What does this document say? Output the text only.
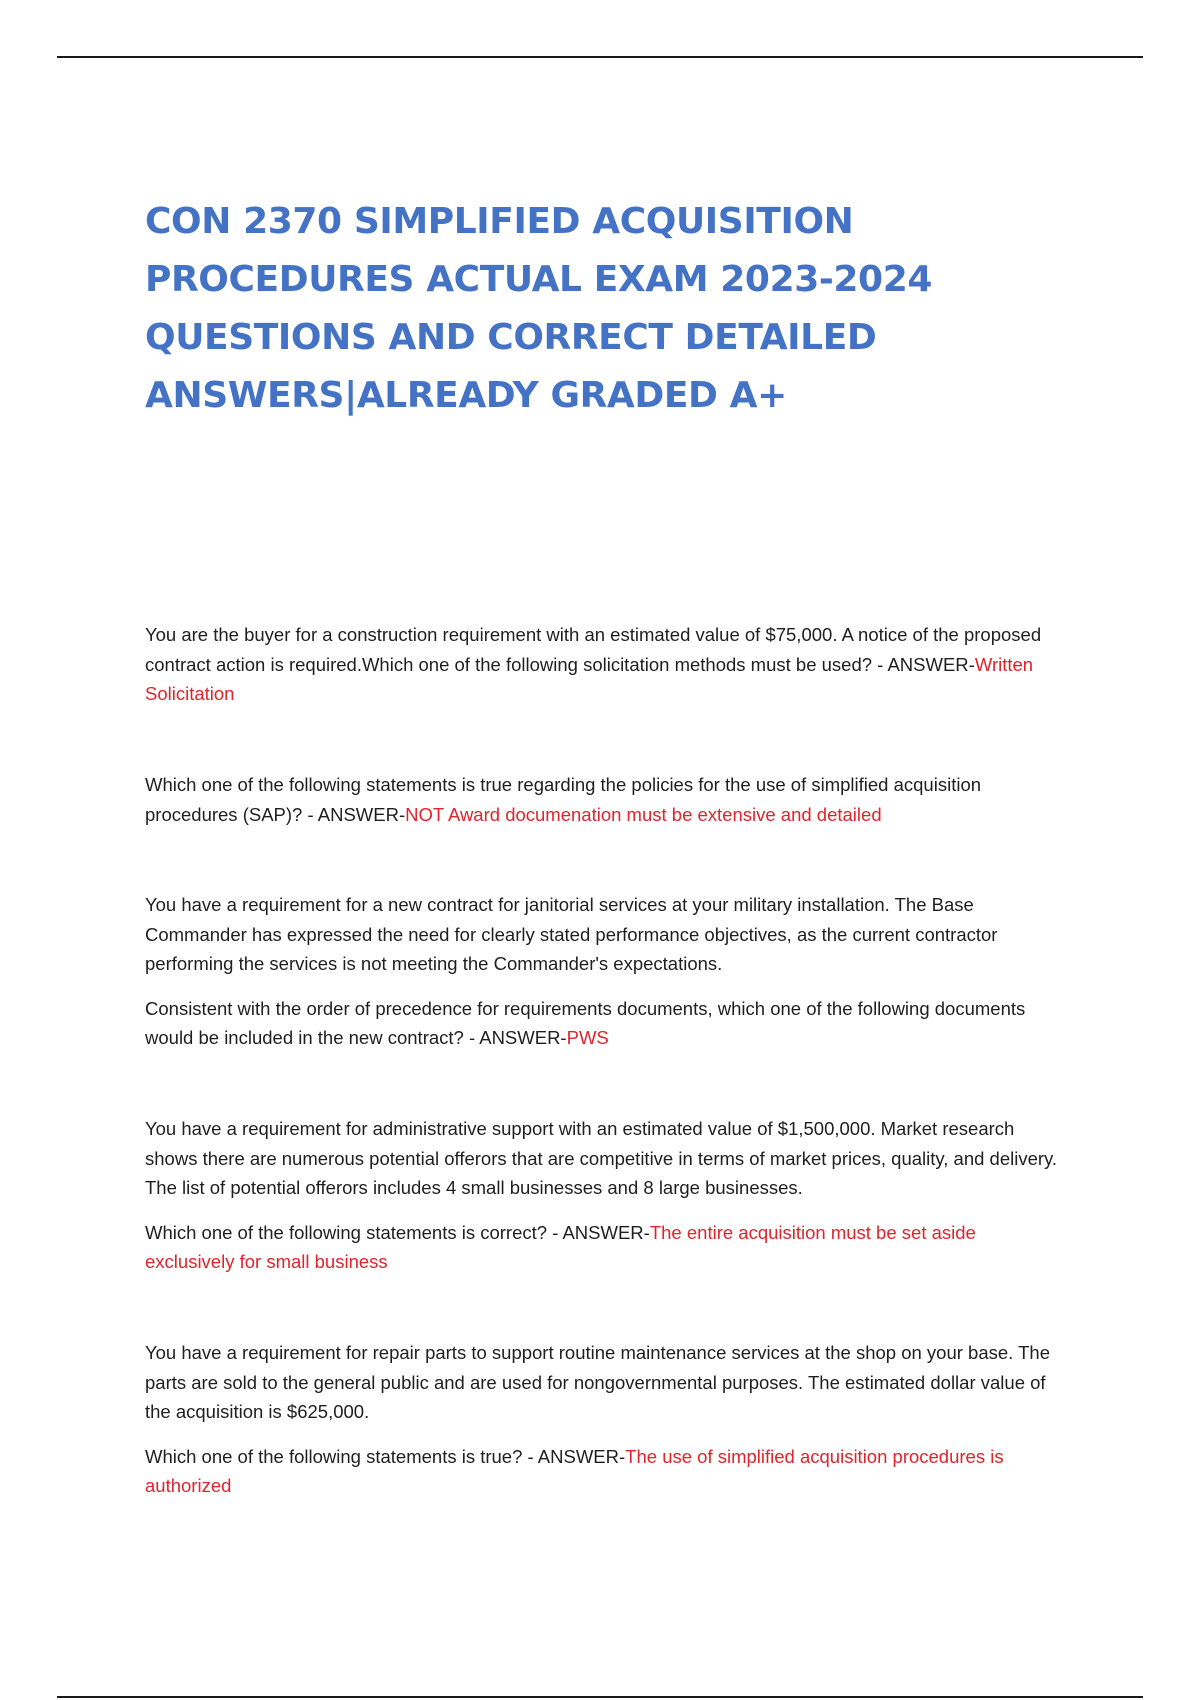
CON 2370 SIMPLIFIED ACQUISITION
PROCEDURES ACTUAL EXAM 2023-2024
QUESTIONS AND CORRECT DETAILED
ANSWERS|ALREADY GRADED A+

You are the buyer for a construction requirement with an estimated value of $75,000. A notice of the proposed contract action is required.Which one of the following solicitation methods must be used? - ANSWER-Written Solicitation

Which one of the following statements is true regarding the policies for the use of simplified acquisition procedures (SAP)? - ANSWER-NOT Award documenation must be extensive and detailed

You have a requirement for a new contract for janitorial services at your military installation. The Base Commander has expressed the need for clearly stated performance objectives, as the current contractor performing the services is not meeting the Commander's expectations.

Consistent with the order of precedence for requirements documents, which one of the following documents would be included in the new contract? - ANSWER-PWS

You have a requirement for administrative support with an estimated value of $1,500,000. Market research shows there are numerous potential offerors that are competitive in terms of market prices, quality, and delivery. The list of potential offerors includes 4 small businesses and 8 large businesses.

Which one of the following statements is correct? - ANSWER-The entire acquisition must be set aside exclusively for small business

You have a requirement for repair parts to support routine maintenance services at the shop on your base. The parts are sold to the general public and are used for nongovernmental purposes. The estimated dollar value of the acquisition is $625,000.

Which one of the following statements is true? - ANSWER-The use of simplified acquisition procedures is authorized
